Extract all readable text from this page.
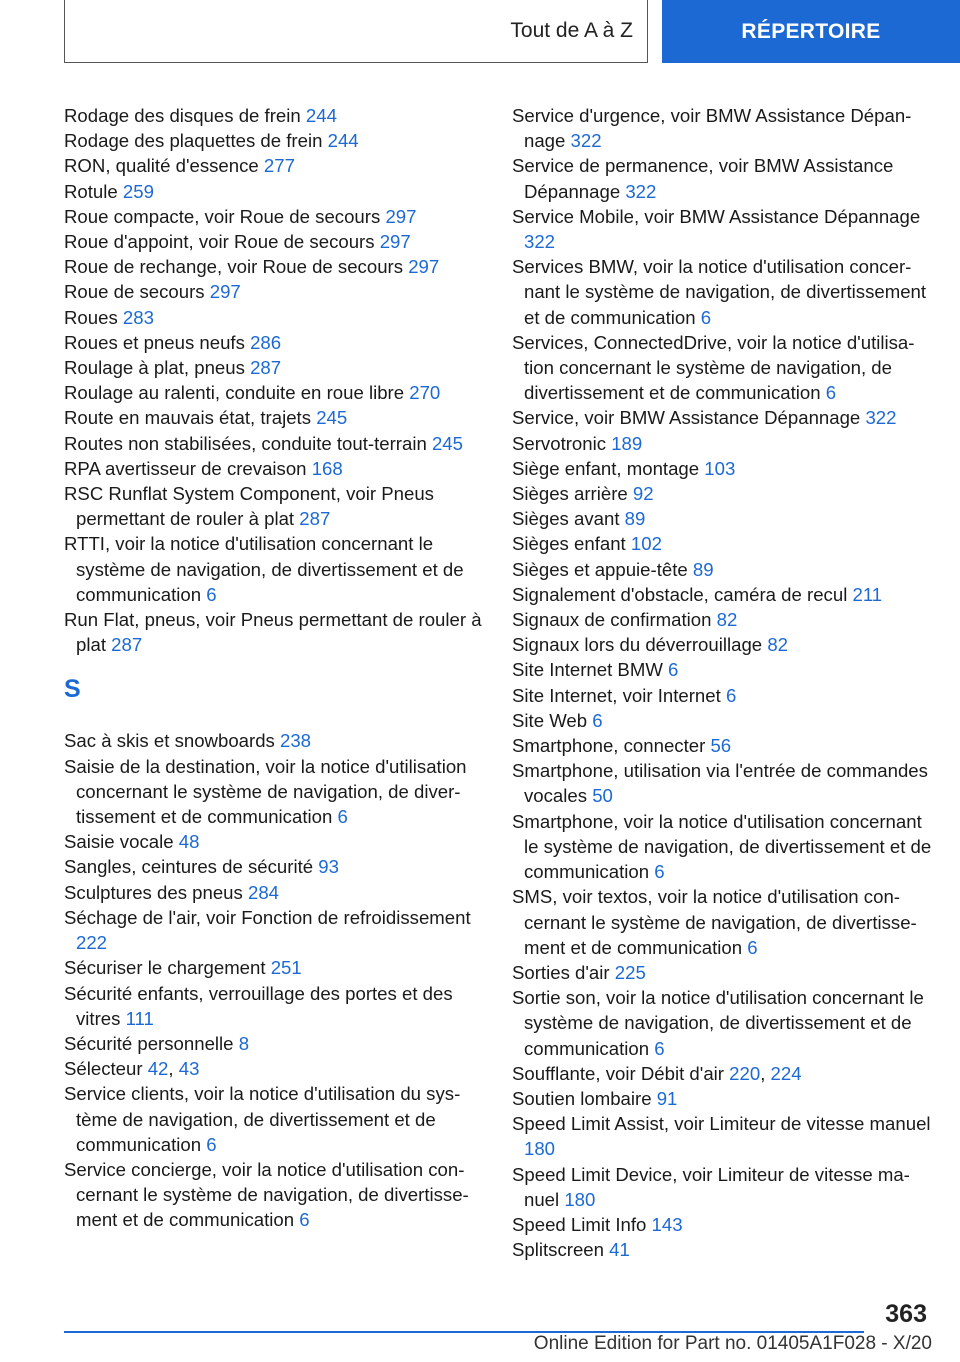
Tout de A à Z	RÉPERTOIRE
Rodage des disques de frein 244
Rodage des plaquettes de frein 244
RON, qualité d'essence 277
Rotule 259
Roue compacte, voir Roue de secours 297
Roue d'appoint, voir Roue de secours 297
Roue de rechange, voir Roue de secours 297
Roue de secours 297
Roues 283
Roues et pneus neufs 286
Roulage à plat, pneus 287
Roulage au ralenti, conduite en roue libre 270
Route en mauvais état, trajets 245
Routes non stabilisées, conduite tout-terrain 245
RPA avertisseur de crevaison 168
RSC Runflat System Component, voir Pneus permettant de rouler à plat 287
RTTI, voir la notice d'utilisation concernant le système de navigation, de divertissement et de communication 6
Run Flat, pneus, voir Pneus permettant de rouler à plat 287
S
Sac à skis et snowboards 238
Saisie de la destination, voir la notice d'utilisation concernant le système de navigation, de divertissement et de communication 6
Saisie vocale 48
Sangles, ceintures de sécurité 93
Sculptures des pneus 284
Séchage de l'air, voir Fonction de refroidissement 222
Sécuriser le chargement 251
Sécurité enfants, verrouillage des portes et des vitres 111
Sécurité personnelle 8
Sélecteur 42, 43
Service clients, voir la notice d'utilisation du système de navigation, de divertissement et de communication 6
Service concierge, voir la notice d'utilisation concernant le système de navigation, de divertissement et de communication 6
Service d'urgence, voir BMW Assistance Dépannage 322
Service de permanence, voir BMW Assistance Dépannage 322
Service Mobile, voir BMW Assistance Dépannage 322
Services BMW, voir la notice d'utilisation concernant le système de navigation, de divertissement et de communication 6
Services, ConnectedDrive, voir la notice d'utilisation concernant le système de navigation, de divertissement et de communication 6
Service, voir BMW Assistance Dépannage 322
Servotronic 189
Siège enfant, montage 103
Sièges arrière 92
Sièges avant 89
Sièges enfant 102
Sièges et appuie-tête 89
Signalement d'obstacle, caméra de recul 211
Signaux de confirmation 82
Signaux lors du déverrouillage 82
Site Internet BMW 6
Site Internet, voir Internet 6
Site Web 6
Smartphone, connecter 56
Smartphone, utilisation via l'entrée de commandes vocales 50
Smartphone, voir la notice d'utilisation concernant le système de navigation, de divertissement et de communication 6
SMS, voir textos, voir la notice d'utilisation concernant le système de navigation, de divertissement et de communication 6
Sorties d'air 225
Sortie son, voir la notice d'utilisation concernant le système de navigation, de divertissement et de communication 6
Soufflante, voir Débit d'air 220, 224
Soutien lombaire 91
Speed Limit Assist, voir Limiteur de vitesse manuel 180
Speed Limit Device, voir Limiteur de vitesse manuel 180
Speed Limit Info 143
Splitscreen 41
363
Online Edition for Part no. 01405A1F028 - X/20
